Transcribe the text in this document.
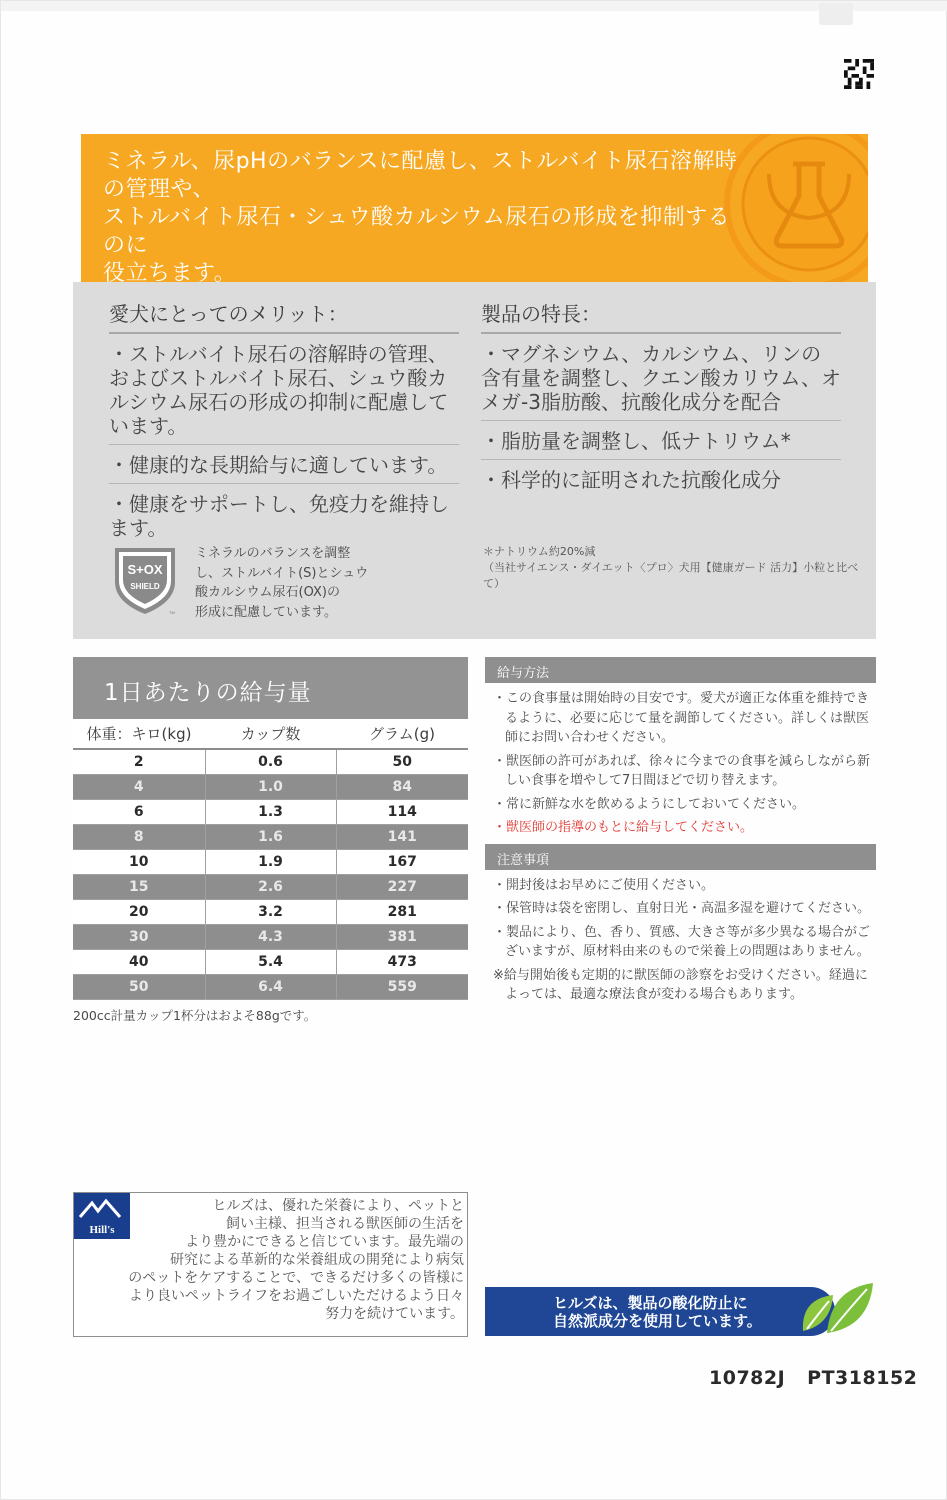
ミネラル、尿pHのバランスに配慮し、ストルバイト尿石溶解時の管理や、
ストルバイト尿石・シュウ酸カルシウム尿石の形成を抑制するのに
役立ちます。
愛犬にとってのメリット：
・ストルバイト尿石の溶解時の管理、およびストルバイト尿石、シュウ酸カルシウム尿石の形成の抑制に配慮しています。
・健康的な長期給与に適しています。
・健康をサポートし、免疫力を維持します。
製品の特長：
・マグネシウム、カルシウム、リンの含有量を調整し、クエン酸カリウム、オメガ-3脂肪酸、抗酸化成分を配合
・脂肪量を調整し、低ナトリウム*
・科学的に証明された抗酸化成分
S+OX
SHIELD
TM
ミネラルのバランスを調整
し、ストルバイト(S)とシュウ
酸カルシウム尿石(OX)の
形成に配慮しています。
＊ナトリウム約20%減
（当社サイエンス・ダイエット〈プロ〉犬用【健康ガード 活力】小粒と比べて）
1日あたりの給与量
体重：キロ(kg)	カップ数	グラム(g)
2	0.6	50
4	1.0	84
6	1.3	114
8	1.6	141
10	1.9	167
15	2.6	227
20	3.2	281
30	4.3	381
40	5.4	473
50	6.4	559
200cc計量カップ1杯分はおよそ88gです。
給与方法
・この食事量は開始時の目安です。愛犬が適正な体重を維持できるように、必要に応じて量を調節してください。詳しくは獣医師にお問い合わせください。
・獣医師の許可があれば、徐々に今までの食事を減らしながら新しい食事を増やして7日間ほどで切り替えます。
・常に新鮮な水を飲めるようにしておいてください。
・獣医師の指導のもとに給与してください。
注意事項
・開封後はお早めにご使用ください。
・保管時は袋を密閉し、直射日光・高温多湿を避けてください。
・製品により、色、香り、質感、大きさ等が多少異なる場合がございますが、原材料由来のもので栄養上の問題はありません。
※給与開始後も定期的に獣医師の診察をお受けください。経過によっては、最適な療法食が変わる場合もあります。
Hill's
ヒルズは、優れた栄養により、ペットと
飼い主様、担当される獣医師の生活を
より豊かにできると信じています。最先端の
研究による革新的な栄養組成の開発により病気
のペットをケアすることで、できるだけ多くの皆様に
より良いペットライフをお過ごしいただけるよう日々
努力を続けています。
ヒルズは、製品の酸化防止に
自然派成分を使用しています。
10782J PT318152
